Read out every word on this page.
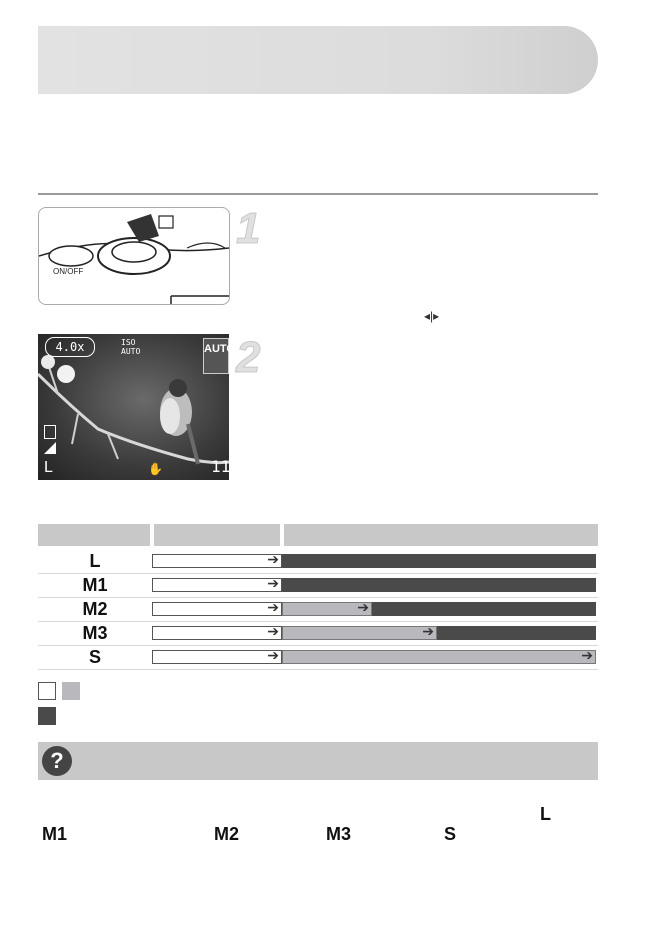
ON/OFF
1
2
◂|▸
4.0x	ISO AUTO	AUTO
11
L	✋
L	➔
M1	➔
M2	➔	➔
M3	➔	➔
S	➔	➔
?
L
M1	M2	M3	S
